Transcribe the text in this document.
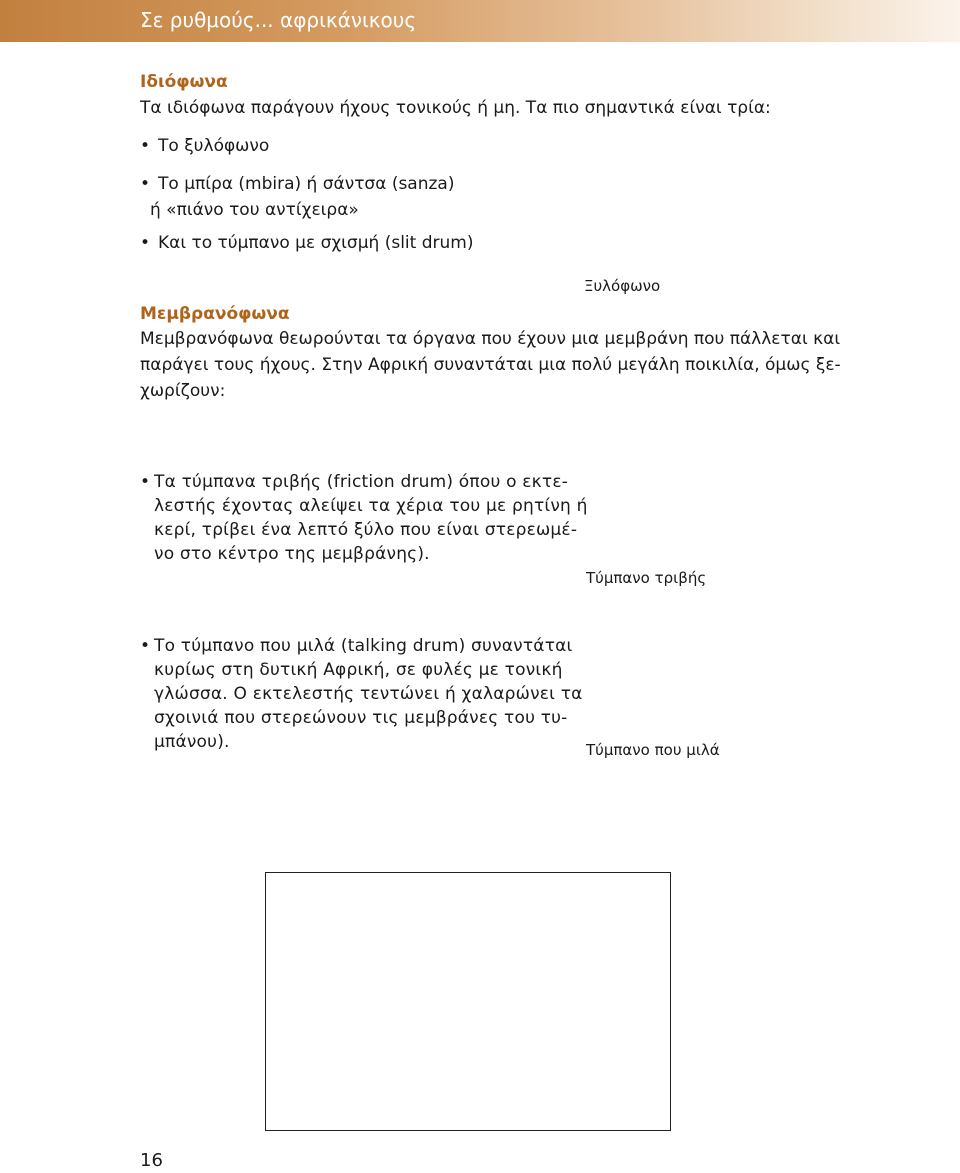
Σε ρυθμούς... αφρικάνικους
Ιδιόφωνα
Τα ιδιόφωνα παράγουν ήχους τονικούς ή μη. Τα πιο σημαντικά είναι τρία:
• Το ξυλόφωνο
• Το μπίρα (mbira) ή σάντσα (sanza)
ή «πιάνο του αντίχειρα»
• Και το τύμπανο με σχισμή (slit drum)
Ξυλόφωνο
Μεμβρανόφωνα
Μεμβρανόφωνα θεωρούνται τα όργανα που έχουν μια μεμβράνη που πάλλεται και
παράγει τους ήχους. Στην Αφρική συναντάται μια πολύ μεγάλη ποικιλία, όμως ξε-
χωρίζουν:
• Τα τύμπανα τριβής (friction drum) όπου ο εκτε-
λεστής έχοντας αλείψει τα χέρια του με ρητίνη ή
κερί, τρίβει ένα λεπτό ξύλο που είναι στερεωμέ-
νο στο κέντρο της μεμβράνης).
Τύμπανο τριβής
• Το τύμπανο που μιλά (talking drum) συναντάται
κυρίως στη δυτική Αφρική, σε φυλές με τονική
γλώσσα. Ο εκτελεστής τεντώνει ή χαλαρώνει τα
σχοινιά που στερεώνουν τις μεμβράνες του τυ-
μπάνου).	Τύμπανο που μιλά
16
